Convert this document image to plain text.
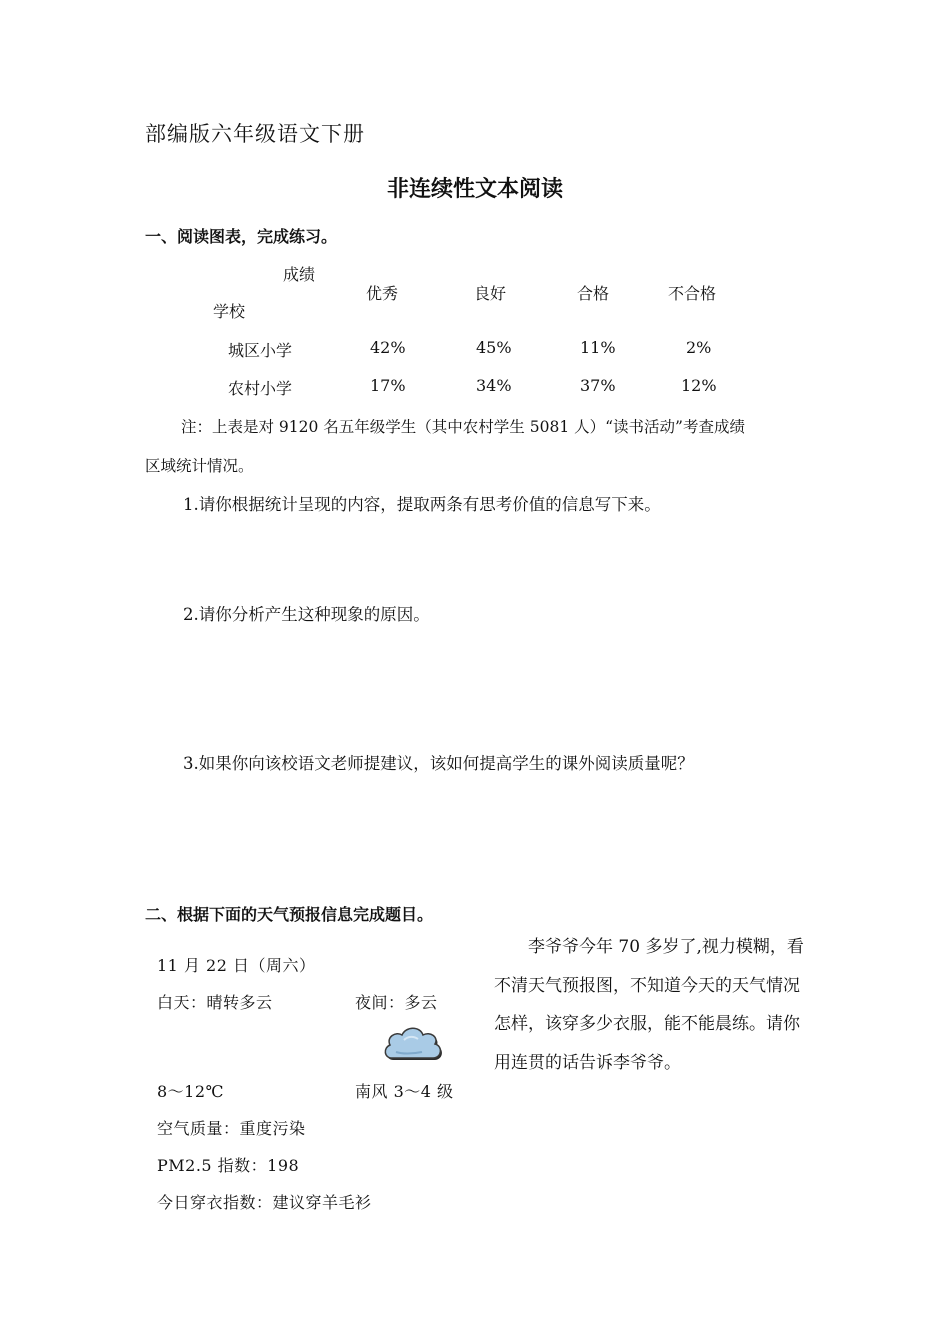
部编版六年级语文下册
非连续性文本阅读
一、阅读图表，完成练习。
成绩
学校
优秀	良好	合格	不合格
城区小学	42%	45%	11%	2%
农村小学	17%	34%	37%	12%
注：上表是对 9120 名五年级学生（其中农村学生 5081 人）“读书活动”考查成绩
区域统计情况。
1.请你根据统计呈现的内容，提取两条有思考价值的信息写下来。
2.请你分析产生这种现象的原因。
3.如果你向该校语文老师提建议，该如何提高学生的课外阅读质量呢？
二、根据下面的天气预报信息完成题目。
11 月 22 日（周六）
白天：晴转多云	夜间：多云
8～12℃	南风 3～4 级
空气质量：重度污染
PM2.5 指数：198
今日穿衣指数：建议穿羊毛衫
李爷爷今年 70 多岁了,视力模糊，看不清天气预报图，不知道今天的天气情况怎样，该穿多少衣服，能不能晨练。请你用连贯的话告诉李爷爷。
